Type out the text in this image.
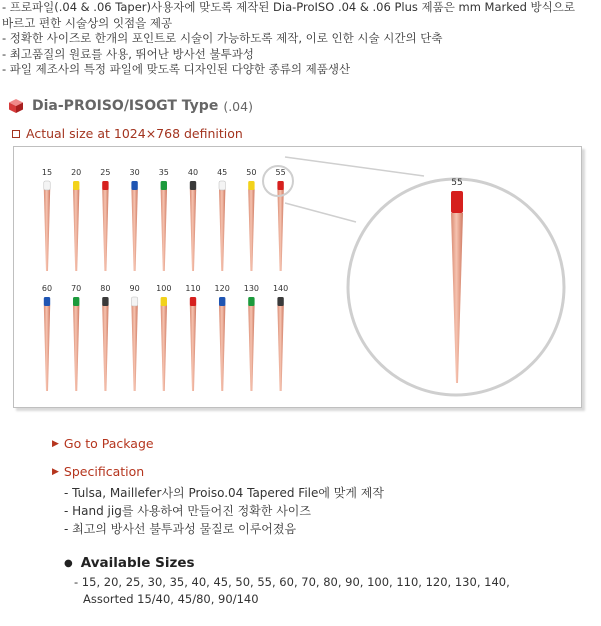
- 프로파일(.04 & .06 Taper)사용자에 맞도록 제작된 Dia-ProISO .04 & .06 Plus 제품은 mm Marked 방식으로

바르고 편한 시술상의 잇점을 제공

- 정확한 사이즈로 한개의 포인트로 시술이 가능하도록 제작, 이로 인한 시술 시간의 단축

- 최고품질의 원료를 사용, 뛰어난 방사선 불투과성

- 파일 제조사의 특정 파일에 맞도록 디자인된 다양한 종류의 제품생산

Dia-PROISO/ISOGT Type (.04)
Actual size at 1024×768 definition
15 20 25 30 35 40 45 50 55
60 70 80 90 100 110 120 130 140
55
▶ Go to Package
▶ Specification
- Tulsa, Maillefer사의 Proiso.04 Tapered File에 맞게 제작
- Hand jig를 사용하여 만들어진 정확한 사이즈
- 최고의 방사선 불투과성 물질로 이루어졌음
● Available Sizes
- 15, 20, 25, 30, 35, 40, 45, 50, 55, 60, 70, 80, 90, 100, 110, 120, 130, 140,
Assorted 15/40, 45/80, 90/140
